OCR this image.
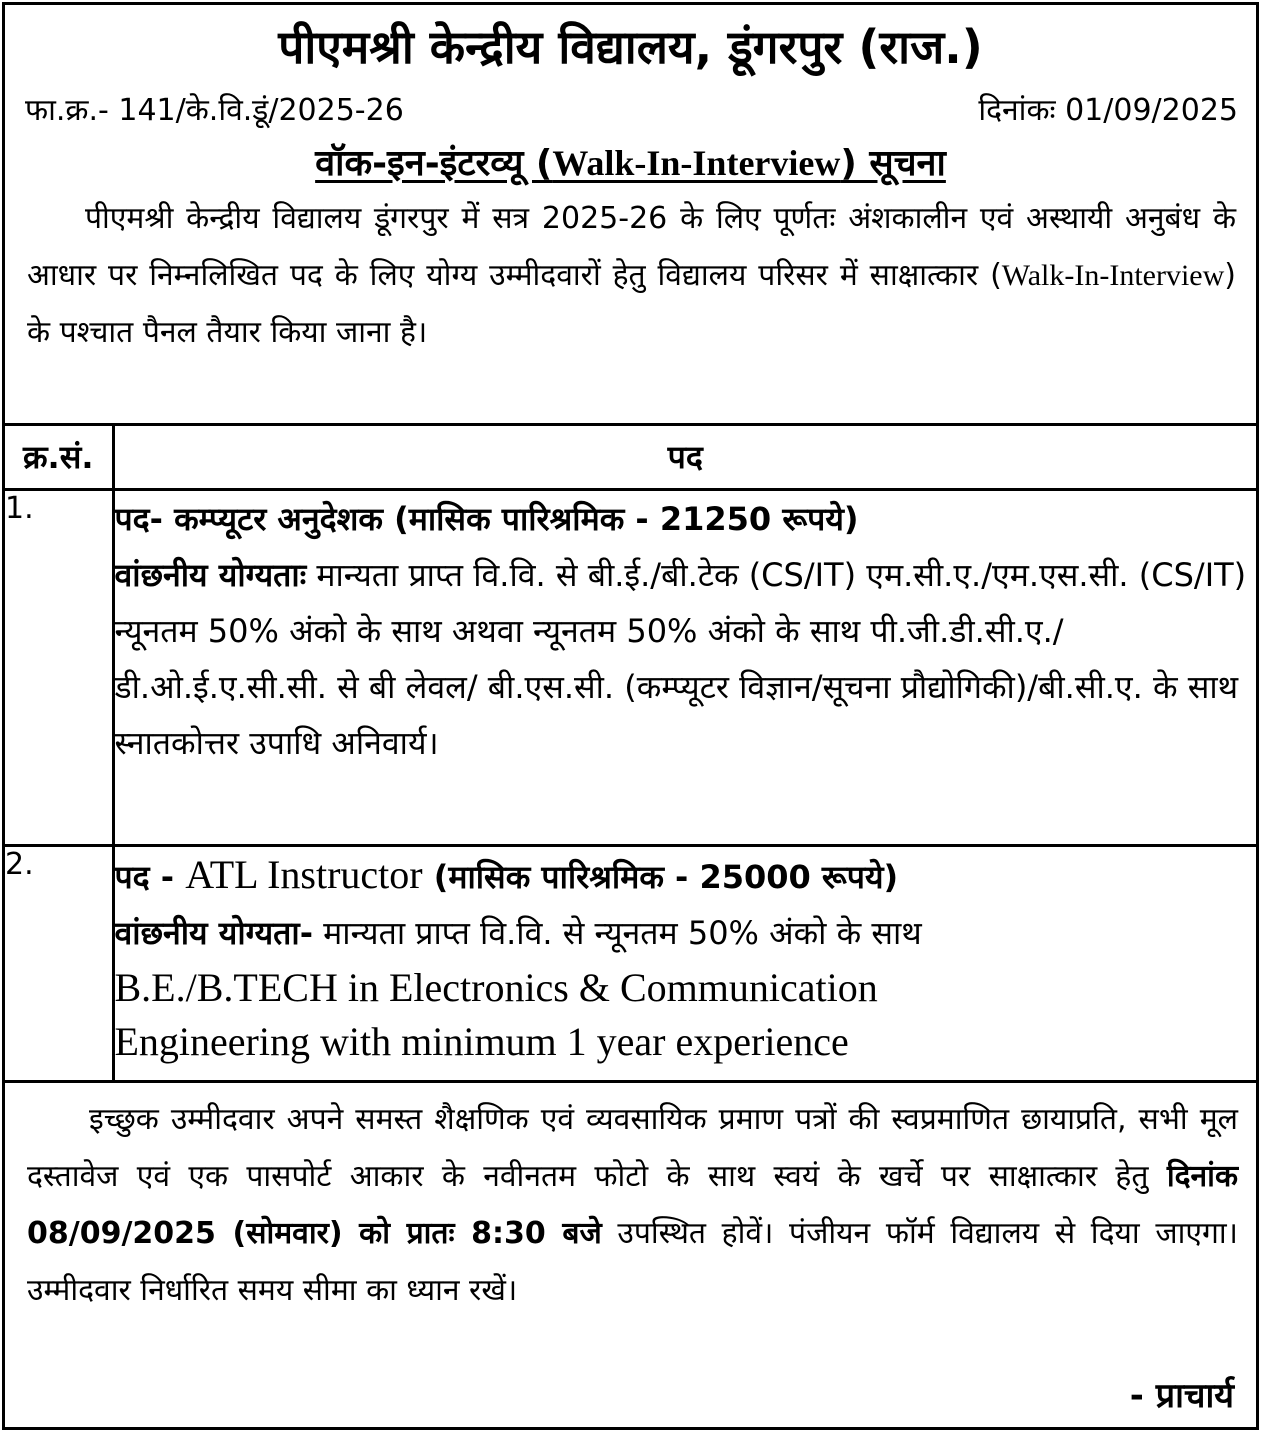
पीएमश्री केन्द्रीय विद्यालय, डूंगरपुर (राज.)
फा.क्र.- 141/के.वि.डूं/2025-26	दिनांकः 01/09/2025
वॉक-इन-इंटरव्यू (Walk-In-Interview) सूचना

पीएमश्री केन्द्रीय विद्यालय डूंगरपुर में सत्र 2025-26 के लिए पूर्णतः अंशकालीन एवं अस्थायी अनुबंध के आधार पर निम्नलिखित पद के लिए योग्य उम्मीदवारों हेतु विद्यालय परिसर में साक्षात्कार (Walk-In-Interview) के पश्चात पैनल तैयार किया जाना है।

क्र.सं.	पद
1.	पद- कम्प्यूटर अनुदेशक (मासिक पारिश्रमिक - 21250 रूपये)
वांछनीय योग्यताः मान्यता प्राप्त वि.वि. से बी.ई./बी.टेक (CS/IT) एम.सी.ए./एम.एस.सी. (CS/IT) न्यूनतम 50% अंको के साथ अथवा न्यूनतम 50% अंको के साथ पी.जी.डी.सी.ए./डी.ओ.ई.ए.सी.सी. से बी लेवल/ बी.एस.सी. (कम्प्यूटर विज्ञान/सूचना प्रौद्योगिकी)/बी.सी.ए. के साथ स्नातकोत्तर उपाधि अनिवार्य।

2.	पद - ATL Instructor (मासिक पारिश्रमिक - 25000 रूपये)
वांछनीय योग्यता- मान्यता प्राप्त वि.वि. से न्यूनतम 50% अंको के साथ
B.E./B.TECH in Electronics & Communication
Engineering with minimum 1 year experience

इच्छुक उम्मीदवार अपने समस्त शैक्षणिक एवं व्यवसायिक प्रमाण पत्रों की स्वप्रमाणित छायाप्रति, सभी मूल दस्तावेज एवं एक पासपोर्ट आकार के नवीनतम फोटो के साथ स्वयं के खर्चे पर साक्षात्कार हेतु दिनांक 08/09/2025 (सोमवार) को प्रातः 8:30 बजे उपस्थित होवें। पंजीयन फॉर्म विद्यालय से दिया जाएगा। उम्मीदवार निर्धारित समय सीमा का ध्यान रखें।

- प्राचार्य
